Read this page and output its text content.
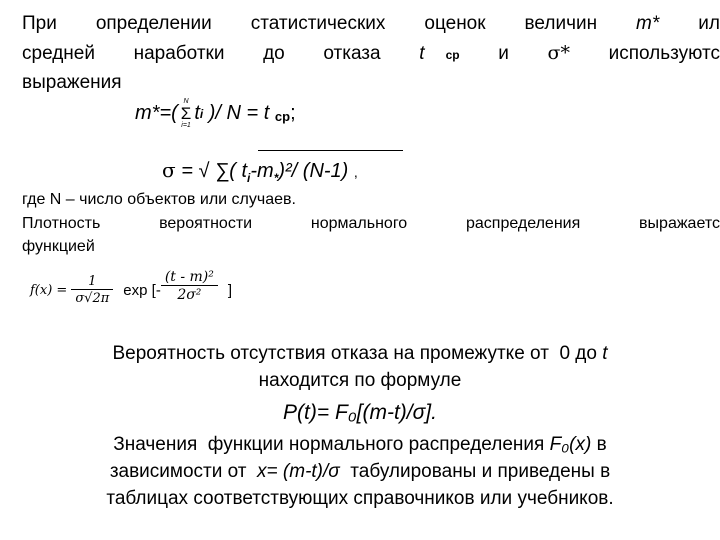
При определении статистических оценок величин m* ил
средней наработки до отказа t ср и σ* используютс
выражения
m*=(
N
Σ
i=1
t i )/ N = t ср ;
σ = √ ∑( $t_i-m_*)^2/$ (N-1) ,
где N – число объектов или случаев.
Плотность	вероятности	нормального	распределения	выражаетс
функцией
$f(x) = \frac{1}{\sigma√2\pi}$ exp [- $\frac{\text{(t - m)²}}{\text{2σ²}}$ ]
Вероятность отсутствия отказа на промежутке от  0 до t
находится по формуле
P(t)= F₀[(m-t)/σ].
Значения  функции нормального распределения F₀(x) в
зависимости от  x= (m-t)/σ  табулированы и приведены в
таблицах соответствующих справочников или учебников.
